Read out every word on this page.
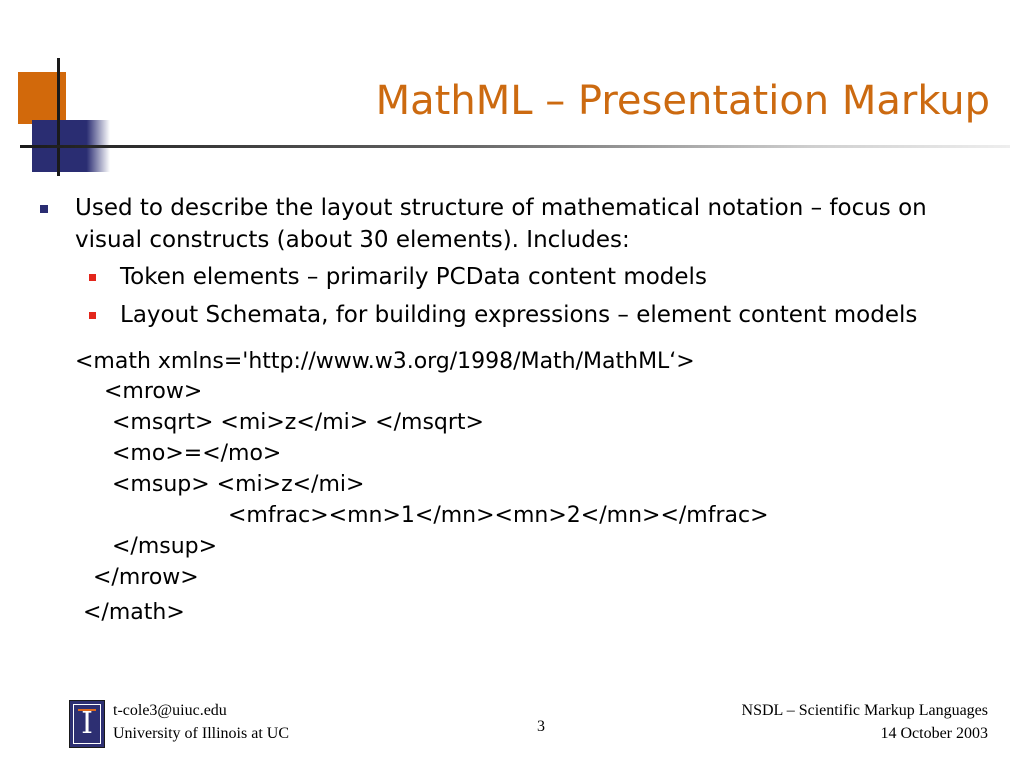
MathML – Presentation Markup
Used to describe the layout structure of mathematical notation – focus on visual constructs (about 30 elements). Includes:
Token elements – primarily PCData content models
Layout Schemata, for building expressions – element content models
<math xmlns='http://www.w3.org/1998/Math/MathML‘>
<mrow>
<msqrt> <mi>z</mi> </msqrt>
<mo>=</mo>
<msup> <mi>z</mi>
<mfrac><mn>1</mn><mn>2</mn></mfrac>
</msup>
</mrow>
</math>
I	t-cole3@uiuc.edu
University of Illinois at UC	3
NSDL – Scientific Markup Languages
14 October 2003
